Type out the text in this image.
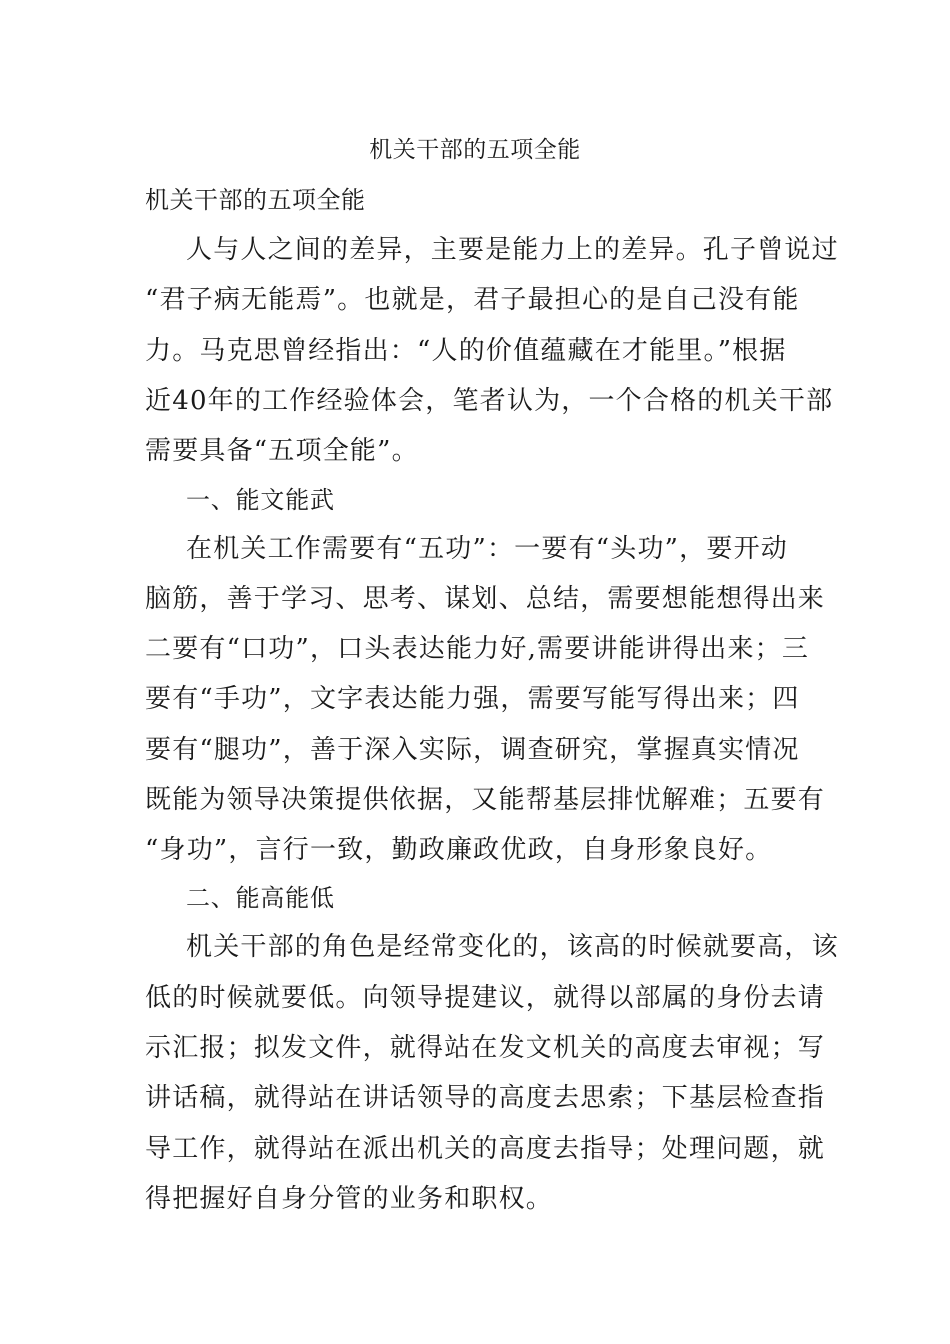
机关干部的五项全能
机关干部的五项全能
人与人之间的差异，主要是能力上的差异。孔子曾说过
“君子病无能焉”。也就是，君子最担心的是自己没有能
力。马克思曾经指出：“人的价值蕴藏在才能里。”根据
近40年的工作经验体会，笔者认为，一个合格的机关干部
需要具备“五项全能”。
一、能文能武
在机关工作需要有“五功”：一要有“头功”，要开动
脑筋，善于学习、思考、谋划、总结，需要想能想得出来
二要有“口功”，口头表达能力好,需要讲能讲得出来；三
要有“手功”，文字表达能力强，需要写能写得出来；四
要有“腿功”，善于深入实际，调查研究，掌握真实情况
既能为领导决策提供依据，又能帮基层排忧解难；五要有
“身功”，言行一致，勤政廉政优政，自身形象良好。
二、能高能低
机关干部的角色是经常变化的，该高的时候就要高，该
低的时候就要低。向领导提建议，就得以部属的身份去请
示汇报；拟发文件，就得站在发文机关的高度去审视；写
讲话稿，就得站在讲话领导的高度去思索；下基层检查指
导工作，就得站在派出机关的高度去指导；处理问题，就
得把握好自身分管的业务和职权。
